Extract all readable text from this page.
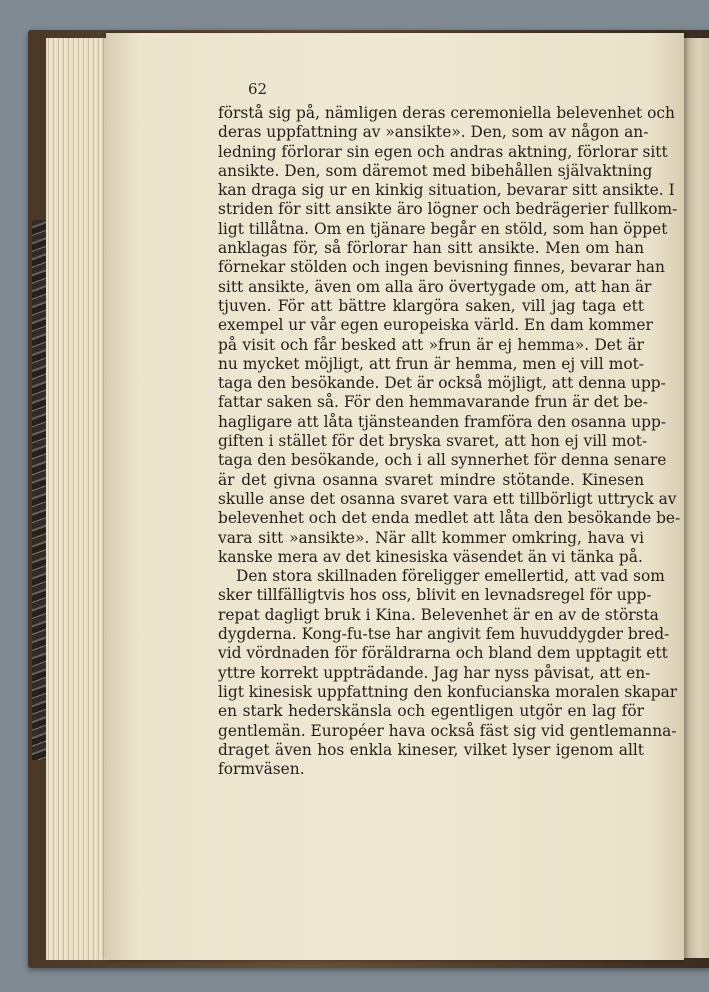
62
förstå sig på, nämligen deras ceremoniella belevenhet och
deras uppfattning av »ansikte». Den, som av någon an-
ledning förlorar sin egen och andras aktning, förlorar sitt
ansikte. Den, som däremot med bibehållen självaktning
kan draga sig ur en kinkig situation, bevarar sitt ansikte. I
striden för sitt ansikte äro lögner och bedrägerier fullkom-
ligt tillåtna. Om en tjänare begår en stöld, som han öppet
anklagas för, så förlorar han sitt ansikte. Men om han
förnekar stölden och ingen bevisning finnes, bevarar han
sitt ansikte, även om alla äro övertygade om, att han är
tjuven. För att bättre klargöra saken, vill jag taga ett
exempel ur vår egen europeiska värld. En dam kommer
på visit och får besked att »frun är ej hemma». Det är
nu mycket möjligt, att frun är hemma, men ej vill mot-
taga den besökande. Det är också möjligt, att denna upp-
fattar saken så. För den hemmavarande frun är det be-
hagligare att låta tjänsteanden framföra den osanna upp-
giften i stället för det bryska svaret, att hon ej vill mot-
taga den besökande, och i all synnerhet för denna senare
är det givna osanna svaret mindre stötande. Kinesen
skulle anse det osanna svaret vara ett tillbörligt uttryck av
belevenhet och det enda medlet att låta den besökande be-
vara sitt »ansikte». När allt kommer omkring, hava vi
kanske mera av det kinesiska väsendet än vi tänka på.
Den stora skillnaden föreligger emellertid, att vad som
sker tillfälligtvis hos oss, blivit en levnadsregel för upp-
repat dagligt bruk i Kina. Belevenhet är en av de största
dygderna. Kong-fu-tse har angivit fem huvuddygder bred-
vid vördnaden för föräldrarna och bland dem upptagit ett
yttre korrekt uppträdande. Jag har nyss påvisat, att en-
ligt kinesisk uppfattning den konfucianska moralen skapar
en stark hederskänsla och egentligen utgör en lag för
gentlemän. Européer hava också fäst sig vid gentlemanna-
draget även hos enkla kineser, vilket lyser igenom allt
formväsen.
